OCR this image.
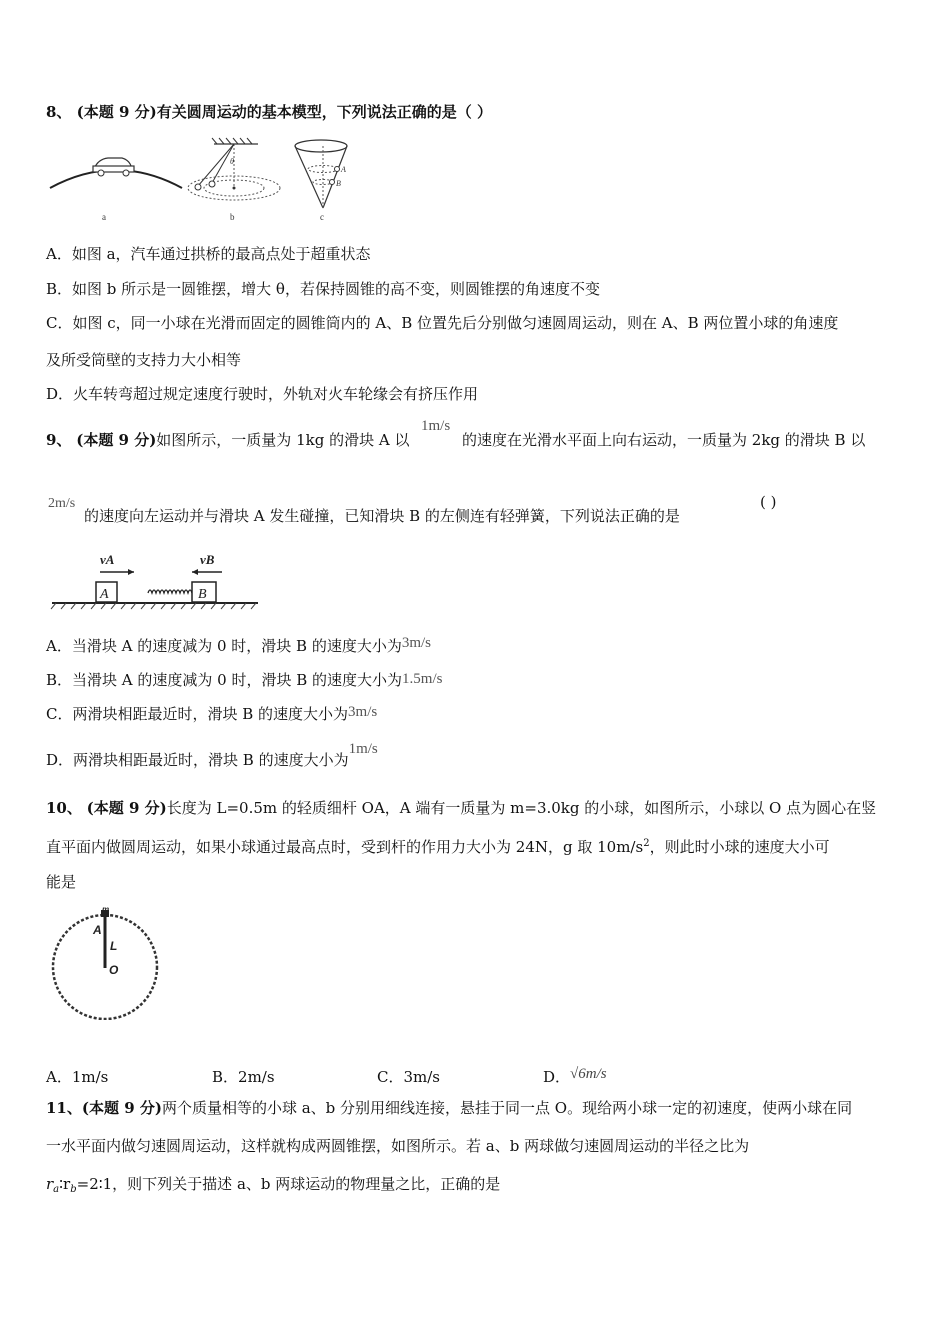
8、 (本题 9 分)有关圆周运动的基本模型，下列说法正确的是（ ）
a
θ
b
A
B
c
A．如图 a，汽车通过拱桥的最高点处于超重状态
B．如图 b 所示是一圆锥摆，增大 θ，若保持圆锥的高不变，则圆锥摆的角速度不变
C．如图 c，同一小球在光滑而固定的圆锥筒内的 A、B 位置先后分别做匀速圆周运动，则在 A、B 两位置小球的角速度
及所受筒壁的支持力大小相等
D．火车转弯超过规定速度行驶时，外轨对火车轮缘会有挤压作用
9、 (本题 9 分)如图所示，一质量为 1kg 的滑块 A 以
1m/s
的速度在光滑水平面上向右运动，一质量为 2kg 的滑块 B 以
2m/s
的速度向左运动并与滑块 A 发生碰撞，已知滑块 B 的左侧连有轻弹簧，下列说法正确的是
( )
vA	vB
A	B
A．当滑块 A 的速度减为 0 时，滑块 B 的速度大小为3m/s
B．当滑块 A 的速度减为 0 时，滑块 B 的速度大小为1.5m/s
C．两滑块相距最近时，滑块 B 的速度大小为3m/s
D．两滑块相距最近时，滑块 B 的速度大小为1m/s
10、 (本题 9 分)长度为 L=0.5m 的轻质细杆 OA，A 端有一质量为 m=3.0kg 的小球，如图所示，小球以 O 点为圆心在竖
直平面内做圆周运动，如果小球通过最高点时，受到杆的作用力大小为 24N，g 取 $10m/s^2$，则此时小球的速度大小可
能是
m
A
L
O
A．1m/s	B．2m/s	C．3m/s	D．√6m/s
11、(本题 9 分)两个质量相等的小球 a、b 分别用细线连接，悬挂于同一点 O。现给两小球一定的初速度，使两小球在同
一水平面内做匀速圆周运动，这样就构成两圆锥摆，如图所示。若 a、b 两球做匀速圆周运动的半径之比为
$r_a∶r_b=2∶1$，则下列关于描述 a、b 两球运动的物理量之比，正确的是
